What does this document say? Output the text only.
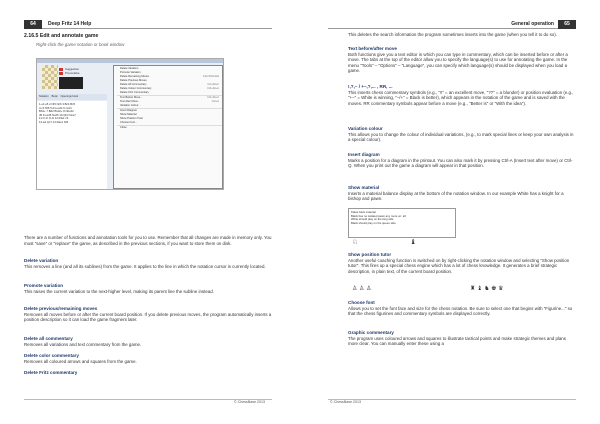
64	Deep Fritz 14 Help
2.16.5 Edit and annotate game
Right-click the game notation or book window
Suggestion
Provocative
Notation Book Openings book
1.e4 e5 2.Nf3 Nc6 3.Bc4 Bc5
4.c3 Nf6 5.d4 exd4 6.cxd4
Bb4+ 7.Bd2 Bxd2+ 8.Nbxd2
d5 9.exd5 Nxd5 10.Qb3 Nce7
11.O-O O-O 12.Rfe1 c6
13.a4 Qc7 14.Rac1 Nf4
Delete Variation
Promote Variation
Delete Remaining Moves	Ctrl+Shift+Del
Delete Previous Moves
Delete All Commentary	Ctrl+Alt+F
Delete Colour Commentary	Ctrl+Alt+A
Delete Fritz Commentary
Text Before Move...	Ctrl+Alt+X
Text After Move...	Ctrl+A
Variation Colour...
Insert Diagram
Show Material
Show Position Tutor
Choose Font...
Close
There are a number of functions and annotation tools for you to use. Remember that all changes are made in memory only. You must "save" or "replace" the game, as described in the previous sections, if you want to store them on disk.
Delete variation
This removes a line (and all its sublines) from the game. It applies to the line in which the notation cursor is currently located.
Promote variation
This raises the current variation to the next-higher level, making its parent line the subline instead.
Delete previous/remaining moves
Removes all moves before or after the current board position. If you delete previous moves, the program automatically inserts a position description so it can load the game fragment later.
Delete all commentary
Removes all variations and text commentary from the game.
Delete color commentary
Removes all coloured arrows and squares from the game.
Delete Fritz commentary
© ChessBase 2013
General operation	65
This deletes the search information the program sometimes inserts into the game (when you tell it to do so).
Text before/after move
Both functions give you a text editor in which you can type in commentary, which can be inserted before or after a move. The tabs at the top of the editor allow you to specify the language(s) to use for annotating the game. In the menu "Tools" – "Options" – "Language", you can specify which language(s) should be displayed when you load a game.
!,?,– / +–,?,... , RR, ...
This inserts chess commentary symbols (e.g., "!!" = an excellent move, "??" = a blunder) or position evaluation (e.g., "+–" = White is winning, "–/+" = Black is better), which appears in the notation of the game and is saved with the moves. RR commentary symbols appear before a move (e.g., "Better is" or "With the idea").
Variation colour
This allows you to change the colour of individual variations, (e.g., to mark special lines or keep your own analysis in a special colour).
Insert diagram
Marks a position for a diagram in the printout. You can also mark it by pressing Ctrl-A (Insert text after move) or Ctrl-Q. When you print out the game a diagram will appear in that position.
Show material
Inserts a material balance display at the bottom of the notation window. In our example White has a knight for a bishop and pawn.
Takes back material
Black has no isolated pawn any more on: a6
White should play on the king side
Black should play on the queen side
♘	♝
Show position tutor
Another useful coaching function is switched on by right-clicking the notation window and selecting "Show position tutor". This fires up a special chess engine which has a lot of chess knowledge. It generates a brief strategic description, in plain text, of the current board position.
♙ ♙ ♙	♜ ♝ ♞ ♚ ♛
Choose font
Allows you to set the font face and size for the chess notation. Be sure to select one that begins with "Figurine..." so that the chess figurines and commentary symbols are displayed correctly.
Graphic commentary
The program uses coloured arrows and squares to illustrate tactical points and make strategic themes and plans more clear. You can manually enter these using a
© ChessBase 2013
